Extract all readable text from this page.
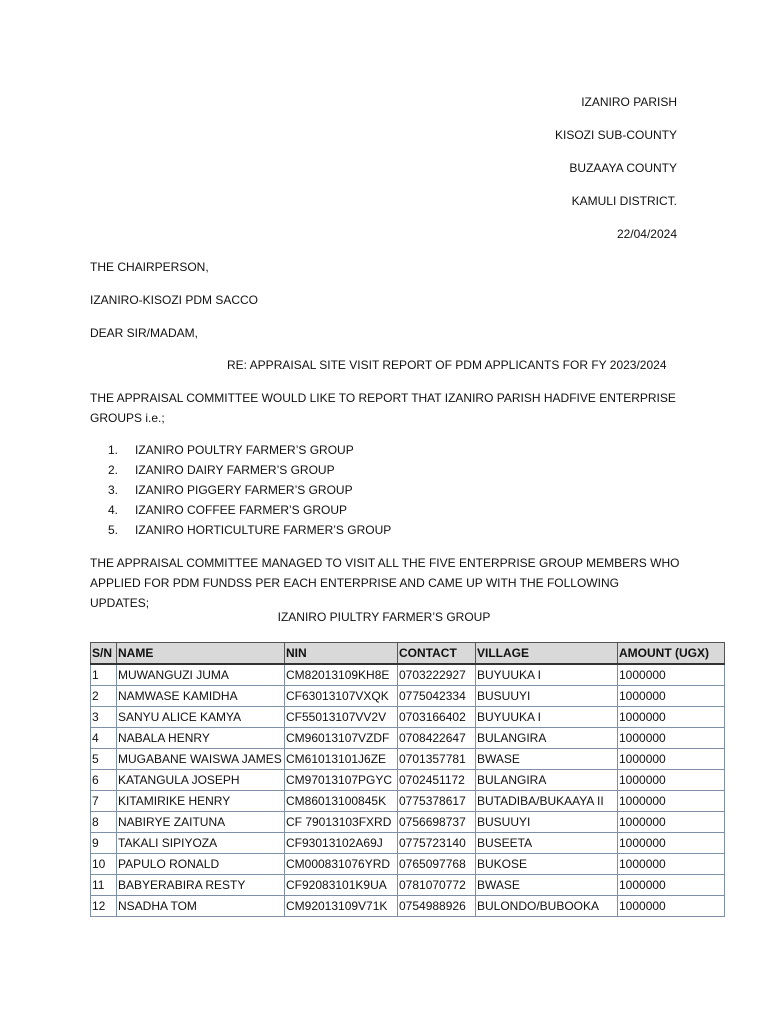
IZANIRO PARISH
KISOZI SUB-COUNTY
BUZAAYA COUNTY
KAMULI DISTRICT.
22/04/2024
THE CHAIRPERSON,
IZANIRO-KISOZI PDM SACCO
DEAR SIR/MADAM,
RE: APPRAISAL SITE VISIT REPORT OF PDM APPLICANTS FOR FY 2023/2024
THE APPRAISAL COMMITTEE WOULD LIKE TO REPORT THAT IZANIRO PARISH HADFIVE ENTERPRISE GROUPS i.e.;
1. IZANIRO POULTRY FARMER’S GROUP
2. IZANIRO DAIRY FARMER’S GROUP
3. IZANIRO PIGGERY FARMER’S GROUP
4. IZANIRO COFFEE FARMER’S GROUP
5. IZANIRO HORTICULTURE FARMER’S GROUP
THE APPRAISAL COMMITTEE MANAGED TO VISIT ALL THE FIVE ENTERPRISE GROUP MEMBERS WHO APPLIED FOR PDM FUNDSS PER EACH ENTERPRISE AND CAME UP WITH THE FOLLOWING UPDATES;
IZANIRO PIULTRY FARMER’S GROUP
S/N	NAME	NIN	CONTACT	VILLAGE	AMOUNT (UGX)
1	MUWANGUZI JUMA	CM82013109KH8E	0703222927	BUYUUKA I	1000000
2	NAMWASE KAMIDHA	CF63013107VXQK	0775042334	BUSUUYI	1000000
3	SANYU ALICE KAMYA	CF55013107VV2V	0703166402	BUYUUKA I	1000000
4	NABALA HENRY	CM96013107VZDF	0708422647	BULANGIRA	1000000
5	MUGABANE WAISWA JAMES	CM61013101J6ZE	0701357781	BWASE	1000000
6	KATANGULA JOSEPH	CM97013107PGYC	0702451172	BULANGIRA	1000000
7	KITAMIRIKE HENRY	CM86013100845K	0775378617	BUTADIBA/BUKAAYA II	1000000
8	NABIRYE ZAITUNA	CF 79013103FXRD	0756698737	BUSUUYI	1000000
9	TAKALI SIPIYOZA	CF93013102A69J	0775723140	BUSEETA	1000000
10	PAPULO RONALD	CM000831076YRD	0765097768	BUKOSE	1000000
11	BABYERABIRA RESTY	CF92083101K9UA	0781070772	BWASE	1000000
12	NSADHA TOM	CM92013109V71K	0754988926	BULONDO/BUBOOKA	1000000
